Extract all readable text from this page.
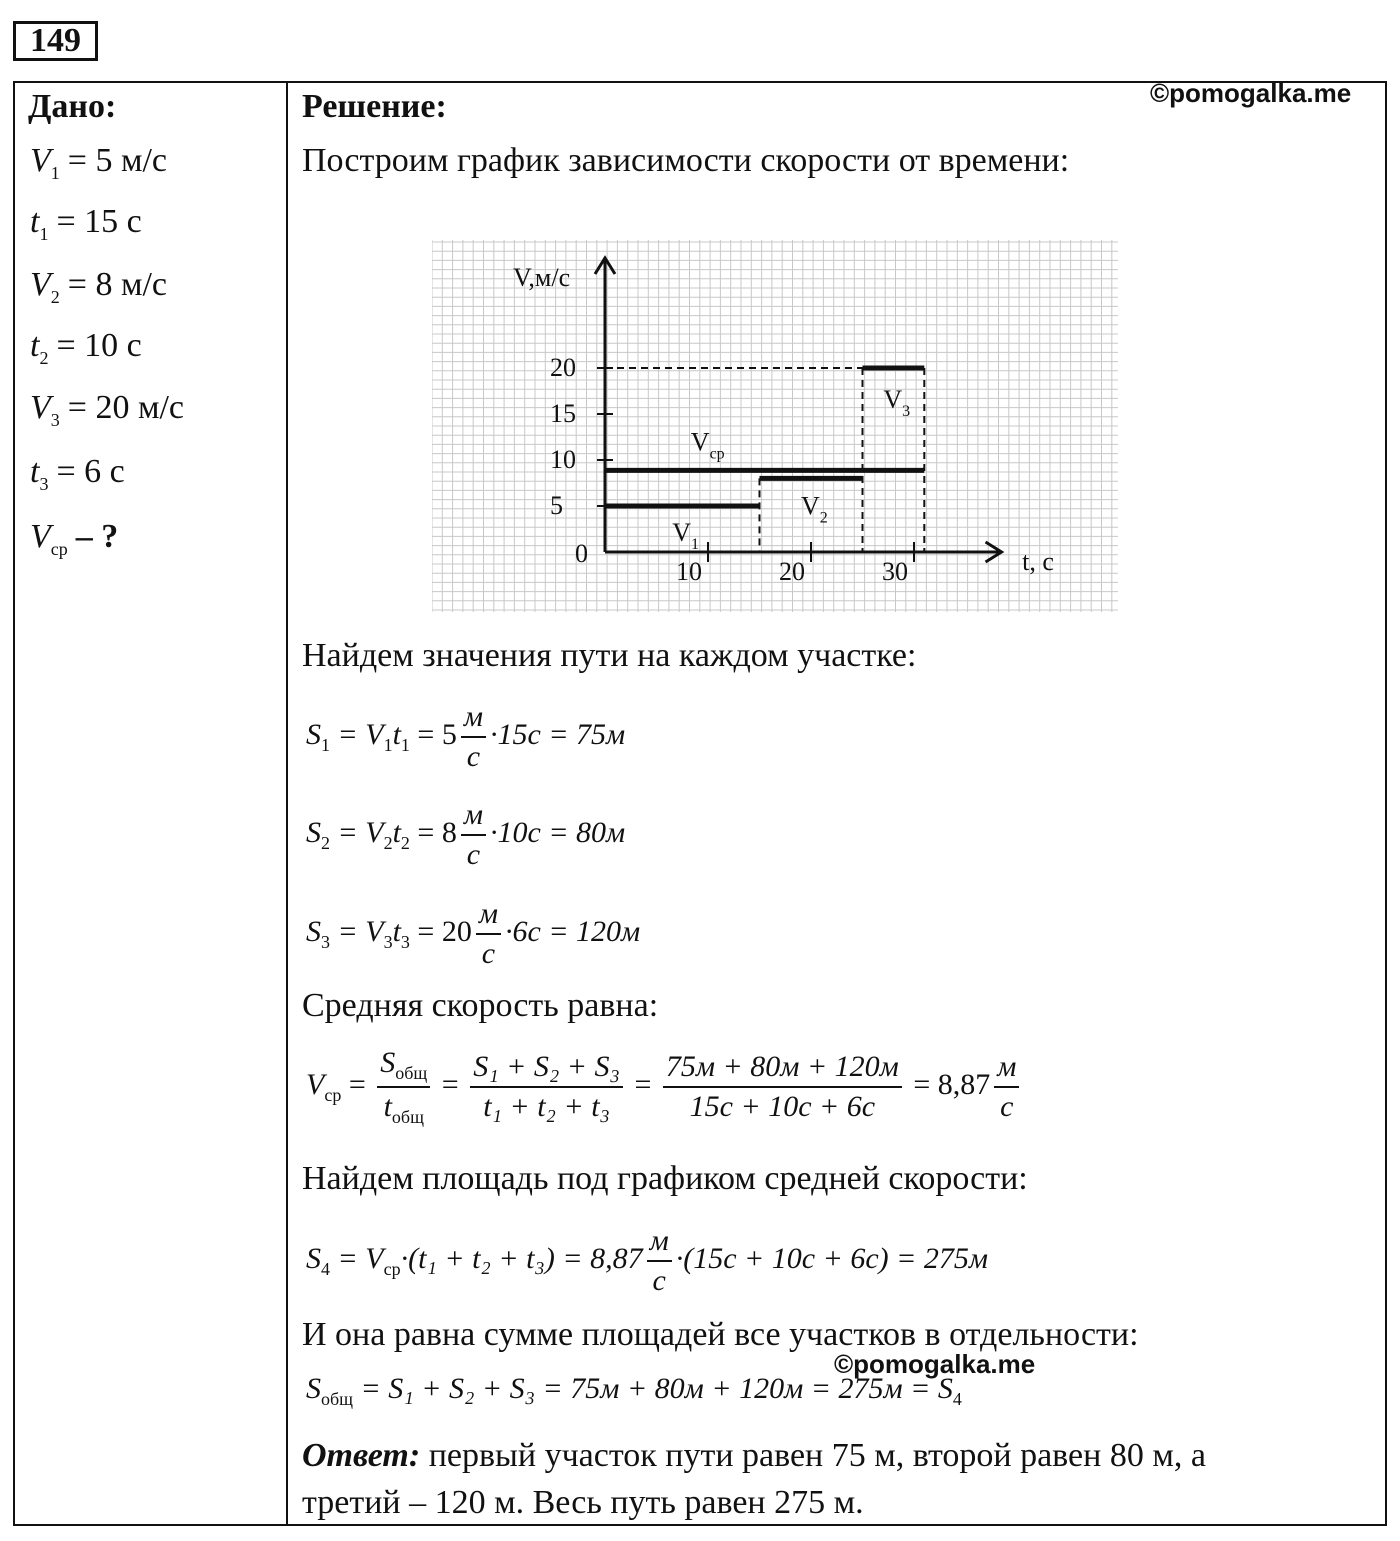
149
©pomogalka.me
Дано:
$V_1 = 5$ м/с
$t_1 = 15$ с
$V_2 = 8$ м/с
$t_2 = 10$ с
$V_3 = 20$ м/с
$t_3 = 6$ с
$V_{ср}$ – ?
Решение:
Построим график зависимости скорости от времени:
V,м/с
t, с
0
5
10
15
20
10	20	30
$V_1$
$V_2$
$V_3$
$V_{ср}$
Найдем значения пути на каждом участке:
$S_1 = V_1t_1 = 5 \frac{м}{с} \cdot 15с = 75м$
$S_2 = V_2t_2 = 8 \frac{м}{с} \cdot 10с = 80м$
$S_3 = V_3t_3 = 20 \frac{м}{с} \cdot 6с = 120м$
Средняя скорость равна:
$V_{ср} = \frac{S_{общ}}{t_{общ}} = \frac{\text{S₁ + S₂ + S₃}}{\text{t₁ + t₂ + t₃}} = \frac{75м + 80м + 120м}{15с + 10с + 6с} = 8,87 \frac{м}{с}$
Найдем площадь под графиком средней скорости:
$S_4 = V_{ср}\cdot(t_1 + t_2 + t_3) = 8,87 \frac{м}{с} \cdot(15с + 10с + 6с) = 275м$
И она равна сумме площадей все участков в отдельности:
©pomogalka.me
$S_{общ} = S_1 + S_2 + S_3 = 75м + 80м + 120м = 275м = S_4$
Ответ: первый участок пути равен 75 м, второй равен 80 м, а
третий – 120 м. Весь путь равен 275 м.
